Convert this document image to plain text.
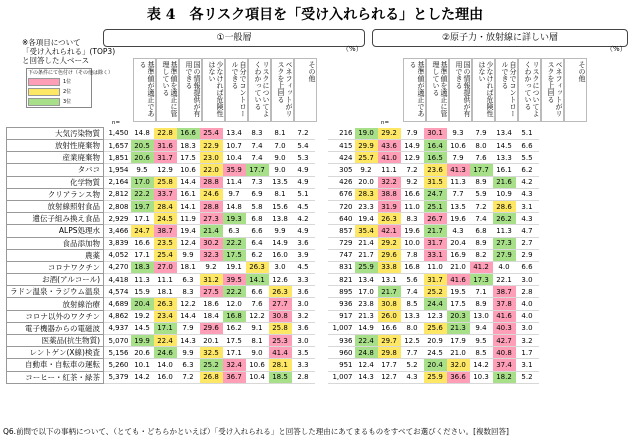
表 4　各リスク項目を「受け入れられる」とした理由
※各項目について
「受け入れられる」(TOP3)
と回答した人ベース
下の条件にて色付け（その他は除く）
1位
2位
3位
①一般層	②原子力・放射線に詳しい層
（%）	（%）
基準値が適正である	基準値を適正に管理している	国の情報提供が有用できる	少なければ危険性はない	自分でコントロールできる	リスクについてよくわかっている	ベネフィットがリスクを上回る	その他	基準値が適正である	基準値を適正に管理している	国の情報提供が有用できる	少なければ危険性はない	自分でコントロールできる	リスクについてよくわかっている	ベネフィットがリスクを上回る	その他
n=	n=
大気汚染物質	1,450	14.8	22.8	16.6	25.4	13.4	8.3	8.1	7.2		216	19.0	29.2	7.9	30.1	9.3	7.9	13.4	5.1
放射性廃棄物	1,657	20.5	31.6	18.3	22.9	10.7	7.4	7.0	5.4		415	29.9	43.6	14.9	16.4	10.6	8.0	14.5	6.6
産業廃棄物	1,851	20.6	31.7	17.5	23.0	10.4	7.4	9.0	5.3		424	25.7	41.0	12.9	16.5	7.9	7.6	13.3	5.5
タバコ	1,954	9.5	12.9	10.6	22.0	35.9	17.7	9.0	4.9		305	9.2	11.1	7.2	23.6	41.3	17.7	16.1	6.2
化学物質	2,164	17.0	25.8	14.4	28.8	11.4	7.3	13.5	4.9		426	20.0	32.2	9.2	31.5	11.3	8.9	21.6	4.2
クリアランス物	2,812	22.2	33.7	16.1	24.6	9.7	6.9	8.1	5.1		676	28.3	38.8	16.6	24.7	7.7	5.9	10.9	4.3
放射線照射食品	2,808	19.7	28.4	14.1	28.8	14.8	5.8	15.6	4.5		720	23.3	31.9	11.0	25.1	13.5	7.2	28.6	3.1
遺伝子組み換え食品	2,929	17.1	24.5	11.9	27.3	19.3	6.8	13.8	4.2		640	19.4	26.3	8.3	26.7	19.6	7.4	26.2	4.3
ALPS処理水	3,466	24.7	38.7	19.4	21.4	6.3	6.6	9.9	4.9		857	35.4	42.1	19.6	21.7	4.3	6.8	11.3	4.7
食品添加物	3,839	16.6	23.5	12.4	30.2	22.2	6.4	14.9	3.6		729	21.4	29.2	10.0	31.7	20.4	8.9	27.3	2.7
農薬	4,052	17.1	25.4	9.9	32.3	17.5	6.2	16.0	3.9		747	21.7	29.6	7.8	33.1	16.9	8.2	27.9	2.9
コロナワクチン	4,270	18.3	27.0	18.1	9.2	19.1	26.3	3.0	4.5		831	25.9	33.8	16.8	11.0	21.0	41.2	4.0	6.6
お酒(アルコール)	4,418	11.3	11.1	6.3	31.2	39.5	14.1	12.6	3.3		821	13.4	13.1	5.6	31.7	41.6	17.3	22.1	3.0
ラドン温泉・ラジウム温泉	4,574	15.9	18.1	8.3	27.5	22.2	6.6	26.3	3.6		895	17.0	21.7	7.4	25.2	19.5	7.1	38.7	2.8
放射線治療	4,689	20.4	26.3	12.2	18.6	12.0	7.6	27.7	3.0		936	23.8	30.8	8.5	24.4	17.5	8.9	37.8	4.0
コロナ以外のワクチン	4,862	19.2	23.4	14.4	18.4	16.8	12.2	30.8	3.2		917	21.3	26.0	13.3	12.3	20.3	13.0	41.6	4.0
電子機器からの電磁波	4,937	14.5	17.1	7.9	29.6	16.2	9.1	25.8	3.6		1,007	14.9	16.6	8.0	25.6	21.3	9.4	40.3	3.0
医薬品(抗生物質)	5,070	19.9	22.4	14.3	20.1	17.5	8.1	25.3	3.0		936	22.4	29.7	12.5	20.9	17.9	9.5	42.7	3.2
レントゲン(X線)検査	5,156	20.6	24.6	9.9	32.5	17.1	9.0	41.4	3.5		960	24.8	29.8	7.7	24.5	21.0	8.5	40.8	1.7
自動車・自転車の運転	5,260	10.1	14.0	6.3	25.2	32.4	10.6	28.1	3.3		951	12.4	17.7	5.2	20.4	32.0	14.2	37.4	3.1
コーヒー・紅茶・緑茶	5,379	14.2	16.0	7.2	26.8	36.7	10.4	18.5	2.8		1,007	14.3	12.7	4.3	25.9	36.6	10.3	18.2	5.2
Q6.前問で以下の事柄について、（とても・どちらかといえば）「受け入れられる」と回答した理由にあてまるものをすべてお選びください。[複数回答]
